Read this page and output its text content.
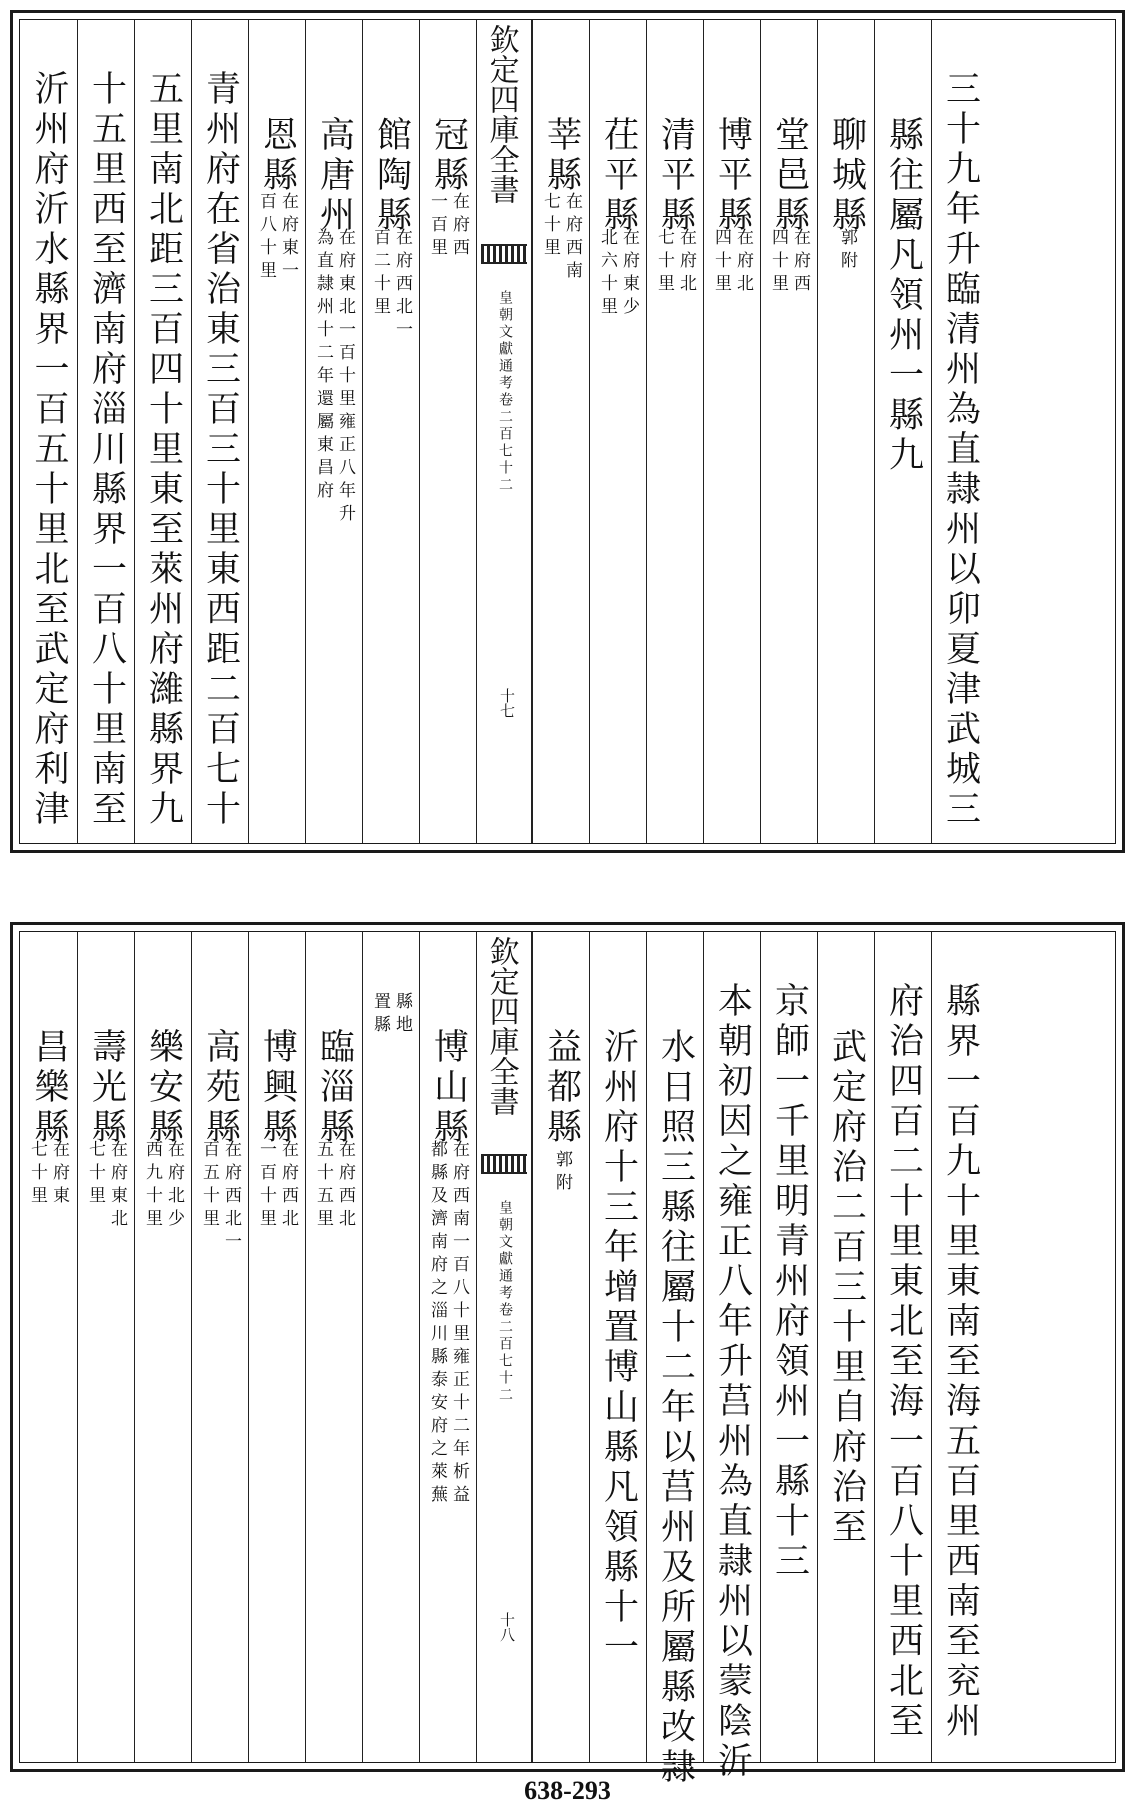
沂州府沂水縣界一百五十里北至武定府利津 十五里西至濟南府淄川縣界一百八十里南至 五里南北距三百四十里東至萊州府濰縣界九 青州府在省治東三百三十里東西距二百七十 恩縣
在府東一
百八十里
高唐州
在府東北一百十里雍正八年升
為直隷州十二年還屬東昌府
館陶縣
在府西北一
百二十里
冠縣
在府西
一百里
欽定四庫全書
皇朝文獻通考卷二百七十二
十七
莘縣
在府西南
七十里 茌平縣
在府東少
北六十里
清平縣
在府北
七十里
博平縣
在府北
四十里
堂邑縣
在府西
四十里
聊城縣
郭附 縣往屬凡領州一縣九 三十九年升臨清州為直隷州以卯夏津武城三
昌樂縣
在府東
七十里
壽光縣
在府東北
七十里
樂安縣
在府北少
西九十里
高苑縣
在府西北一
百五十里
博興縣
在府西北
一百十里
臨淄縣
在府西北
五十五里
縣地
置縣
博山縣
在府西南一百八十里雍正十二年析益
都縣及濟南府之淄川縣泰安府之萊蕪
欽定四庫全書
皇朝文獻通考卷二百七十二
十八
益都縣
郭附 沂州府十三年增置博山縣凡領縣十一 水日照三縣往屬十二年以莒州及所屬縣改隷 本朝初因之雍正八年升莒州為直隷州以蒙陰沂 京師一千里明青州府領州一縣十三 武定府治二百三十里自府治至 府治四百二十里東北至海一百八十里西北至 縣界一百九十里東南至海五百里西南至兖州
638-293
